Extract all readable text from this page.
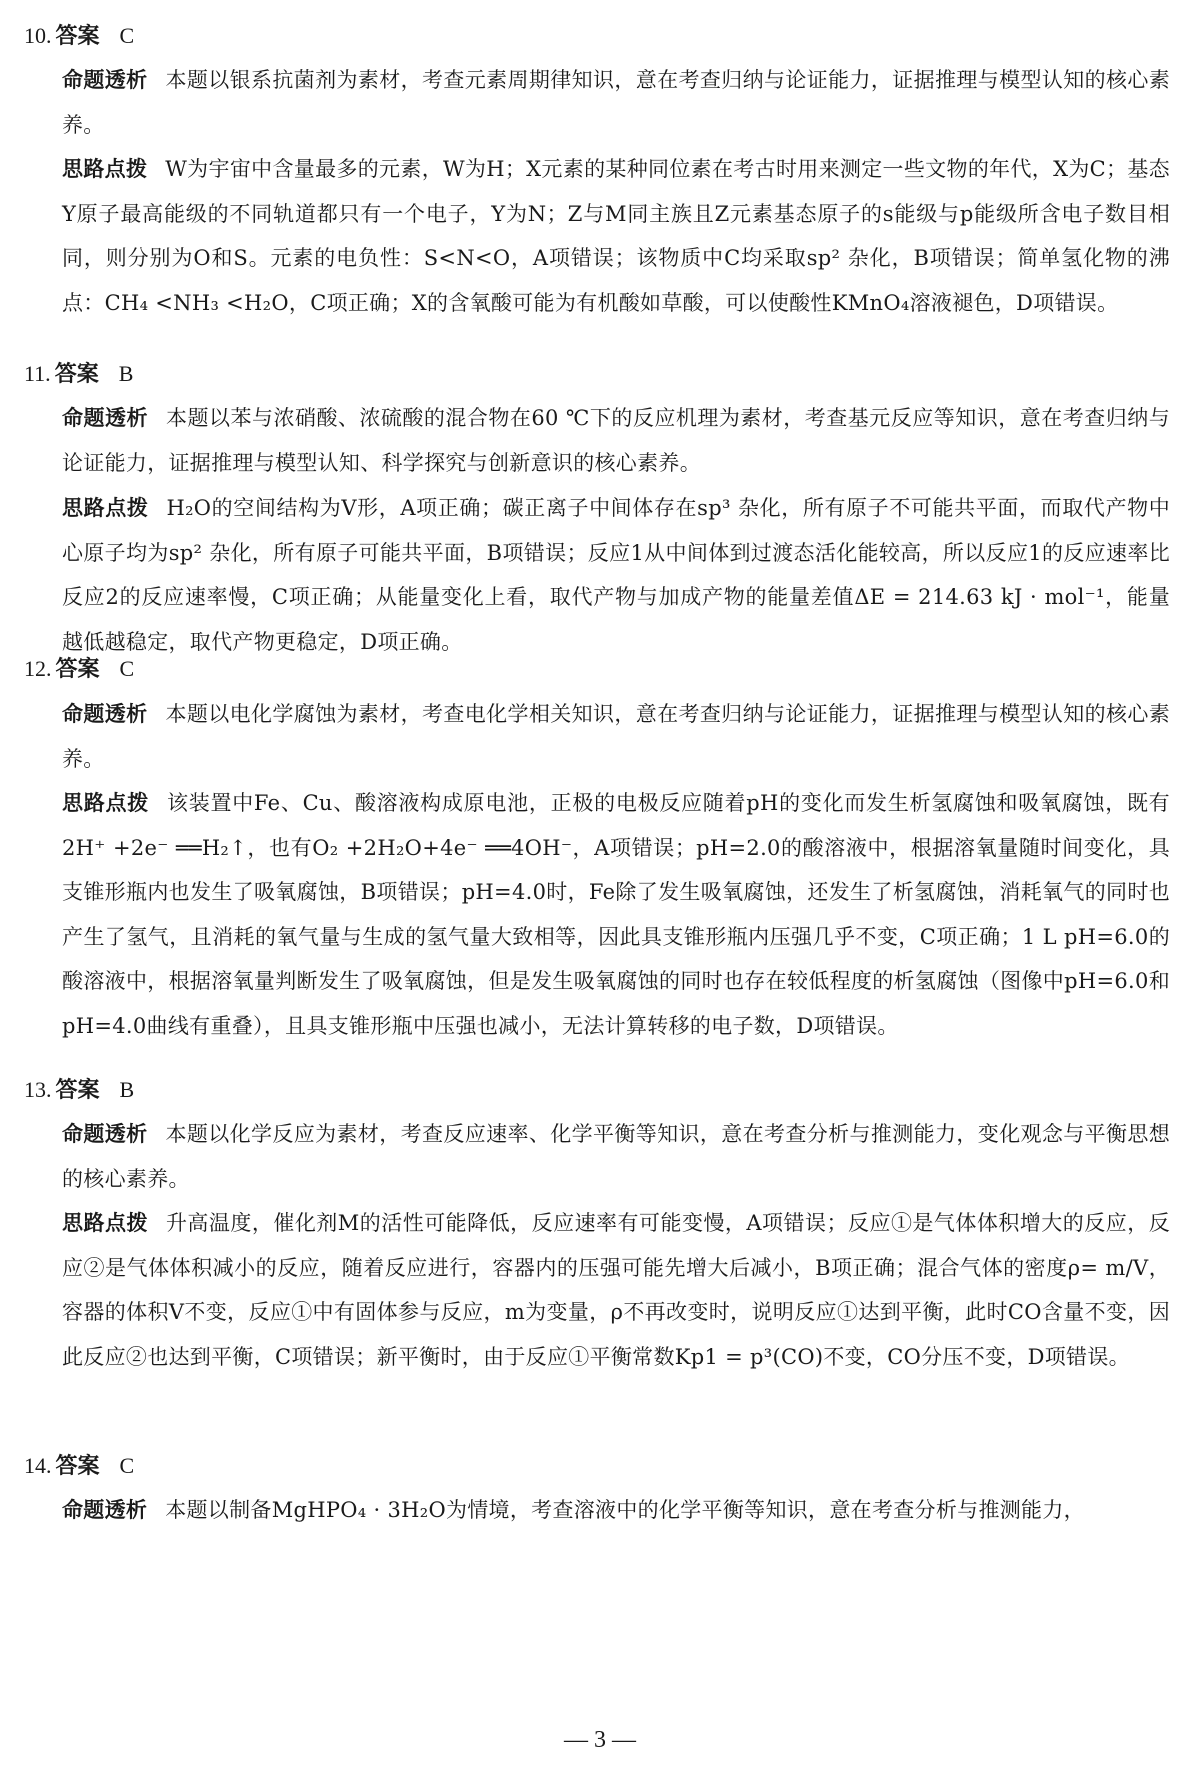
10. 答案 C
命题透析 本题以银系抗菌剂为素材，考查元素周期律知识，意在考查归纳与论证能力，证据推理与模型认知的核心素养。
思路点拨 W为宇宙中含量最多的元素，W为H；X元素的某种同位素在考古时用来测定一些文物的年代，X为C；基态Y原子最高能级的不同轨道都只有一个电子，Y为N；Z与M同主族且Z元素基态原子的s能级与p能级所含电子数目相同，则分别为O和S。元素的电负性：S<N<O，A项错误；该物质中C均采取sp² 杂化，B项错误；简单氢化物的沸点：CH₄ <NH₃ <H₂O，C项正确；X的含氧酸可能为有机酸如草酸，可以使酸性KMnO₄溶液褪色，D项错误。
11. 答案 B
命题透析 本题以苯与浓硝酸、浓硫酸的混合物在60 ℃下的反应机理为素材，考查基元反应等知识，意在考查归纳与论证能力，证据推理与模型认知、科学探究与创新意识的核心素养。
思路点拨 H₂O的空间结构为V形，A项正确；碳正离子中间体存在sp³ 杂化，所有原子不可能共平面，而取代产物中心原子均为sp² 杂化，所有原子可能共平面，B项错误；反应1从中间体到过渡态活化能较高，所以反应1的反应速率比反应2的反应速率慢，C项正确；从能量变化上看，取代产物与加成产物的能量差值ΔE = 214.63 kJ · mol⁻¹，能量越低越稳定，取代产物更稳定，D项正确。
12. 答案 C
命题透析 本题以电化学腐蚀为素材，考查电化学相关知识，意在考查归纳与论证能力，证据推理与模型认知的核心素养。
思路点拨 该装置中Fe、Cu、酸溶液构成原电池，正极的电极反应随着pH的变化而发生析氢腐蚀和吸氧腐蚀，既有2H⁺ +2e⁻ ══H₂↑，也有O₂ +2H₂O+4e⁻ ══4OH⁻，A项错误；pH=2.0的酸溶液中，根据溶氧量随时间变化，具支锥形瓶内也发生了吸氧腐蚀，B项错误；pH=4.0时，Fe除了发生吸氧腐蚀，还发生了析氢腐蚀，消耗氧气的同时也产生了氢气，且消耗的氧气量与生成的氢气量大致相等，因此具支锥形瓶内压强几乎不变，C项正确；1 L pH=6.0的酸溶液中，根据溶氧量判断发生了吸氧腐蚀，但是发生吸氧腐蚀的同时也存在较低程度的析氢腐蚀（图像中pH=6.0和pH=4.0曲线有重叠），且具支锥形瓶中压强也减小，无法计算转移的电子数，D项错误。
13. 答案 B
命题透析 本题以化学反应为素材，考查反应速率、化学平衡等知识，意在考查分析与推测能力，变化观念与平衡思想的核心素养。
思路点拨 升高温度，催化剂M的活性可能降低，反应速率有可能变慢，A项错误；反应①是气体体积增大的反应，反应②是气体体积减小的反应，随着反应进行，容器内的压强可能先增大后减小，B项正确；混合气体的密度ρ= m/V，容器的体积V不变，反应①中有固体参与反应，m为变量，ρ不再改变时，说明反应①达到平衡，此时CO含量不变，因此反应②也达到平衡，C项错误；新平衡时，由于反应①平衡常数Kp1 = p³(CO)不变，CO分压不变，D项错误。
14. 答案 C
命题透析 本题以制备MgHPO₄ · 3H₂O为情境，考查溶液中的化学平衡等知识，意在考查分析与推测能力，
— 3 —
